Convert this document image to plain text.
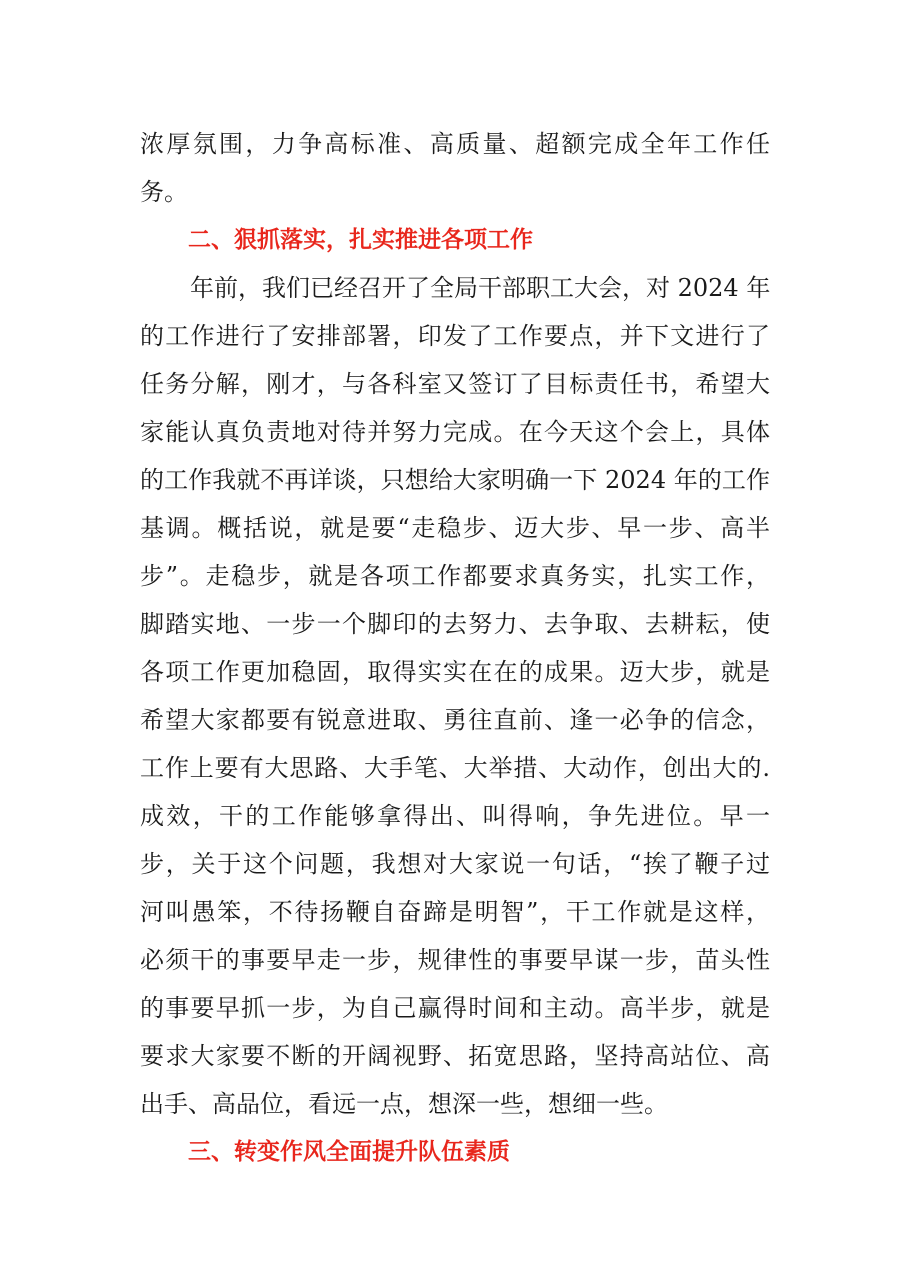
浓厚氛围，力争高标准、高质量、超额完成全年工作任
务。
二、狠抓落实，扎实推进各项工作
年前，我们已经召开了全局干部职工大会，对 2024 年
的工作进行了安排部署，印发了工作要点，并下文进行了
任务分解，刚才，与各科室又签订了目标责任书，希望大
家能认真负责地对待并努力完成。在今天这个会上，具体
的工作我就不再详谈，只想给大家明确一下 2024 年的工作
基调。概括说，就是要“走稳步、迈大步、早一步、高半
步”。走稳步，就是各项工作都要求真务实，扎实工作，
脚踏实地、一步一个脚印的去努力、去争取、去耕耘，使
各项工作更加稳固，取得实实在在的成果。迈大步，就是
希望大家都要有锐意进取、勇往直前、逢一必争的信念，
工作上要有大思路、大手笔、大举措、大动作，创出大的.
成效，干的工作能够拿得出、叫得响，争先进位。早一
步，关于这个问题，我想对大家说一句话，“挨了鞭子过
河叫愚笨，不待扬鞭自奋蹄是明智”，干工作就是这样，
必须干的事要早走一步，规律性的事要早谋一步，苗头性
的事要早抓一步，为自己赢得时间和主动。高半步，就是
要求大家要不断的开阔视野、拓宽思路，坚持高站位、高
出手、高品位，看远一点，想深一些，想细一些。
三、转变作风全面提升队伍素质
